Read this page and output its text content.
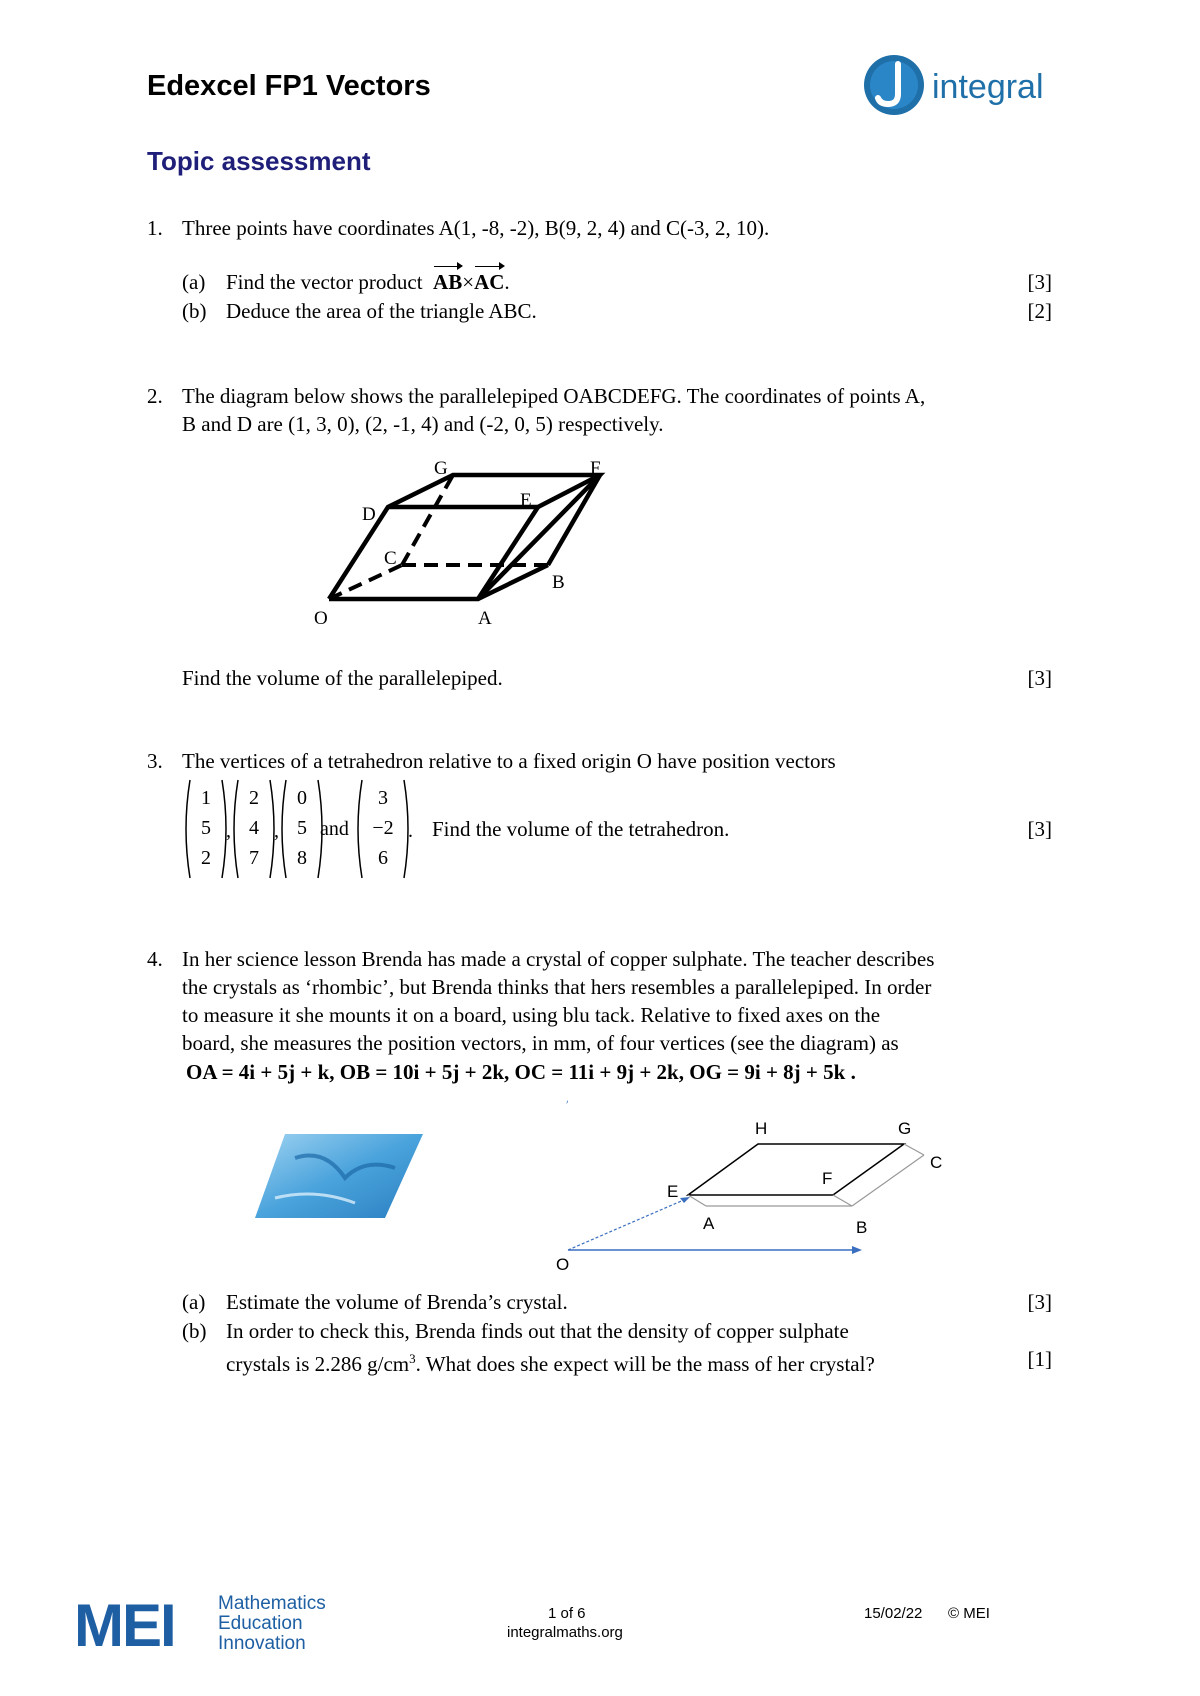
Edexcel FP1 Vectors	integral
Topic assessment
1. Three points have coordinates A(1, -8, -2), B(9, 2, 4) and C(-3, 2, 10).
(a) Find the vector product AB×AC.	[3]
(b) Deduce the area of the triangle ABC.	[2]
2. The diagram below shows the parallelepiped OABCDEFG. The coordinates of points A,
B and D are (1, 3, 0), (2, -1, 4) and (-2, 0, 5) respectively.
G	F
D
E
C
B
O	A
Find the volume of the parallelepiped.	[3]
3. The vertices of a tetrahedron relative to a fixed origin O have position vectors
1
5
2
,
2
4
7
,
0
5
8
and
3
−2
6
. Find the volume of the tetrahedron.	[3]
4. In her science lesson Brenda has made a crystal of copper sulphate. The teacher describes
the crystals as ‘rhombic’, but Brenda thinks that hers resembles a parallelepiped. In order
to measure it she mounts it on a board, using blu tack. Relative to fixed axes on the
board, she measures the position vectors, in mm, of four vertices (see the diagram) as
OA = 4i + 5j + k, OB = 10i + 5j + 2k, OC = 11i + 9j + 2k, OG = 9i + 8j + 5k .
H	G
C
F
E
A	B
O
(a) Estimate the volume of Brenda’s crystal.	[3]
(b) In order to check this, Brenda finds out that the density of copper sulphate
crystals is 2.286 $g/cm^3$. What does she expect will be the mass of her crystal?	[1]
MEI Mathematics
Education
Innovation
1 of 6
integralmaths.org
15/02/22 © MEI
